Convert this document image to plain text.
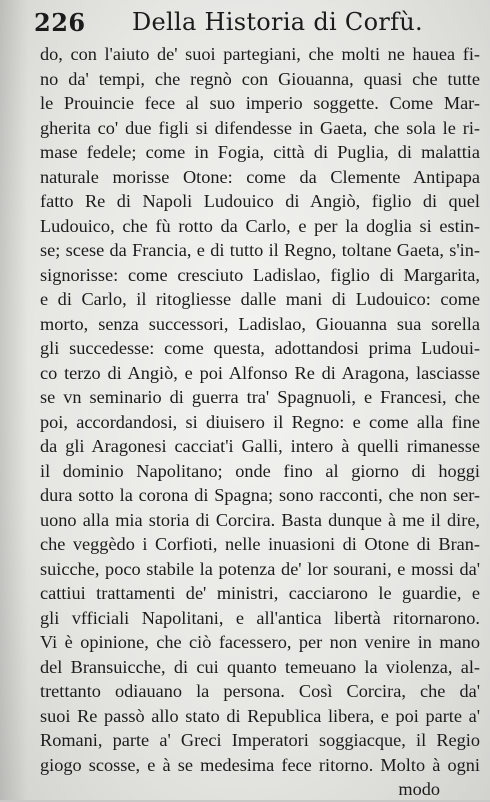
226 Della Historia di Corfù.
do, con l'aiuto de' suoi partegiani, che molti ne hauea fi-
no da' tempi, che regnò con Giouanna, quasi che tutte
le Prouincie fece al suo imperio soggette. Come Mar-
gherita co' due figli si difendesse in Gaeta, che sola le ri-
mase fedele; come in Fogia, città di Puglia, di malattia
naturale morisse Otone: come da Clemente Antipapa
fatto Re di Napoli Ludouico di Angiò, figlio di quel
Ludouico, che fù rotto da Carlo, e per la doglia si estin-
se; scese da Francia, e di tutto il Regno, toltane Gaeta, s'in-
signorisse: come cresciuto Ladislao, figlio di Margarita,
e di Carlo, il ritogliesse dalle mani di Ludouico: come
morto, senza successori, Ladislao, Giouanna sua sorella
gli succedesse: come questa, adottandosi prima Ludoui-
co terzo di Angiò, e poi Alfonso Re di Aragona, lasciasse
se vn seminario di guerra tra' Spagnuoli, e Francesi, che
poi, accordandosi, si diuisero il Regno: e come alla fine
da gli Aragonesi cacciat'i Galli, intero à quelli rimanesse
il dominio Napolitano; onde fino al giorno di hoggi
dura sotto la corona di Spagna; sono racconti, che non ser-
uono alla mia storia di Corcira. Basta dunque à me il dire,
che veggèdo i Corfioti, nelle inuasioni di Otone di Bran-
suicche, poco stabile la potenza de' lor sourani, e mossi da'
cattiui trattamenti de' ministri, cacciarono le guardie, e
gli vfficiali Napolitani, e all'antica libertà ritornarono.
Vi è opinione, che ciò facessero, per non venire in mano
del Bransuicche, di cui quanto temeuano la violenza, al-
trettanto odiauano la persona. Così Corcira, che da'
suoi Re passò allo stato di Republica libera, e poi parte a'
Romani, parte a' Greci Imperatori soggiacque, il Regio
giogo scosse, e à se medesima fece ritorno. Molto à ogni
modo
